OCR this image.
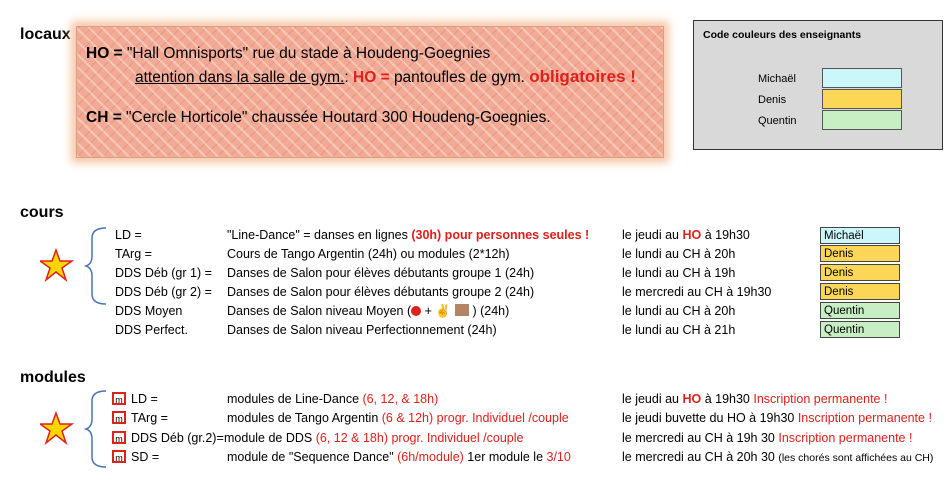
locaux
HO = "Hall Omnisports" rue du stade à Houdeng-Goegnies
attention dans la salle de gym.: HO = pantoufles de gym. obligatoires !
CH = "Cercle Horticole" chaussée Houtard 300 Houdeng-Goegnies.
Code couleurs des enseignants
Michaël
Denis
Quentin
cours
LD =	"Line-Dance" = danses en lignes (30h) pour personnes seules !	le jeudi au HO à 19h30	Michaël
TArg =	Cours de Tango Argentin (24h) ou modules (2*12h)	le lundi au CH à 20h	Denis
DDS Déb (gr 1) = Danses de Salon pour élèves débutants groupe 1 (24h)	le lundi au CH à 19h	Denis
DDS Déb (gr 2) = Danses de Salon pour élèves débutants groupe 2 (24h)	le mercredi au CH à 19h30	Denis
DDS Moyen	Danses de Salon niveau Moyen ( + ✌ ) (24h)	le lundi au CH à 20h	Quentin
DDS Perfect.	Danses de Salon niveau Perfectionnement (24h)	le lundi au CH à 21h	Quentin
modules
m LD =	modules de Line-Dance (6, 12, & 18h)	le jeudi au HO à 19h30 Inscription permanente !
m TArg =	modules de Tango Argentin (6 & 12h) progr. Individuel /couple	le jeudi buvette du HO à 19h30 Inscription permanente !
m DDS Déb (gr.2)= module de DDS (6, 12 & 18h) progr. Individuel /couple	le mercredi au CH à 19h 30 Inscription permanente !
m SD =	module de "Sequence Dance" (6h/module) 1er module le 3/10	le mercredi au CH à 20h 30 (les chorés sont affichées au CH)
